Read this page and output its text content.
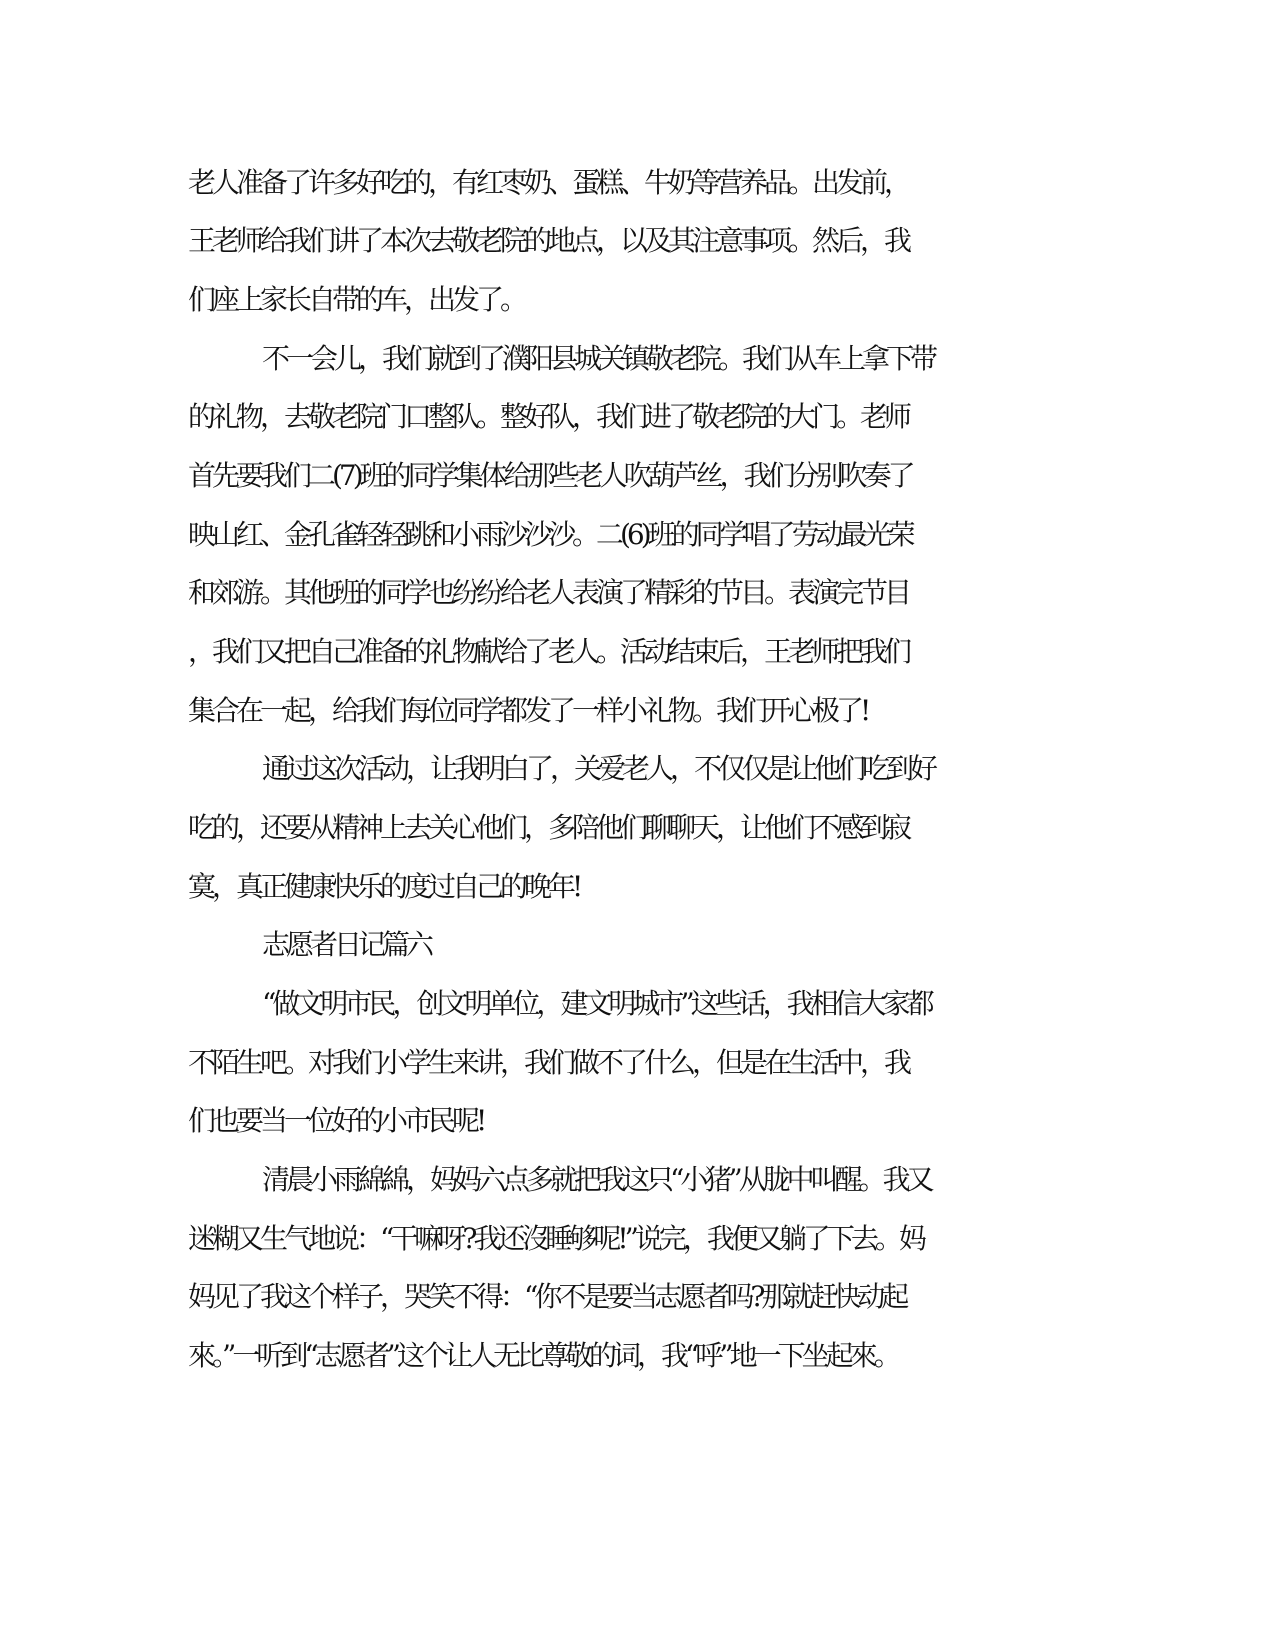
老人准备了许多好吃的，有红枣奶、蛋糕、牛奶等营养品。出发前，
王老师给我们讲了本次去敬老院的地点，以及其注意事项。然后，我
们座上家长自带的车，出发了。
不一会儿，我们就到了濮阳县城关镇敬老院。我们从车上拿下带
的礼物，去敬老院门口整队。整好队，我们进了敬老院的大门。老师
首先要我们二(7)班的同学集体给那些老人吹葫芦丝，我们分别吹奏了
映山红、金孔雀轻轻跳和小雨沙沙沙。二(6)班的同学唱了劳动最光荣
和郊游。其他班的同学也纷纷给老人表演了精彩的节目。表演完节目
，我们又把自己准备的礼物献给了老人。活动结束后，王老师把我们
集合在一起，给我们每位同学都发了一样小礼物。我们开心极了!
通过这次活动，让我明白了，关爱老人，不仅仅是让他们吃到好
吃的，还要从精神上去关心他们，多陪他们聊聊天，让他们不感到寂
寞，真正健康快乐的度过自己的晚年!
志愿者日记篇六
“做文明市民，创文明单位，建文明城市”这些话，我相信大家都
不陌生吧。对我们小学生来讲，我们做不了什么，但是在生活中，我
们也要当一位好的小市民呢!
清晨小雨綿綿，妈妈六点多就把我这只“小猪”从胧中叫醒。我又
迷糊又生气地说：“干嘛呀?我还沒睡够呢!”说完，我便又躺了下去。妈
妈见了我这个样子，哭笑不得：“你不是要当志愿者吗?那就赶快动起
來。”一听到“志愿者”这个让人无比尊敬的词，我“呼”地一下坐起來。
